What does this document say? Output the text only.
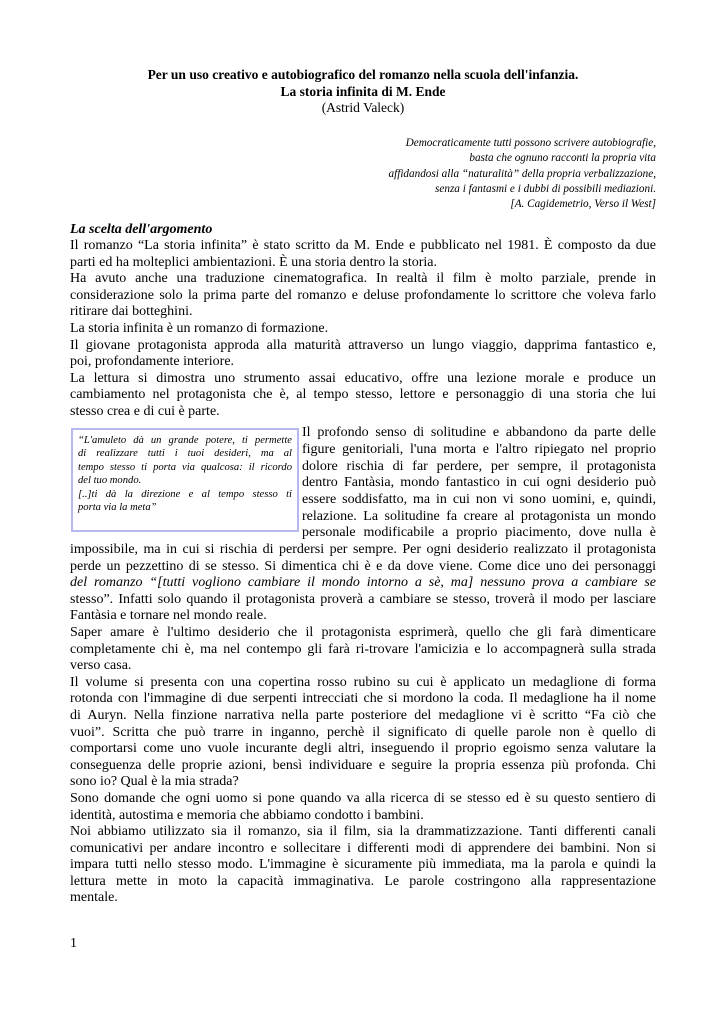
Per un uso creativo e autobiografico del romanzo nella scuola dell'infanzia.
La storia infinita di M. Ende
(Astrid Valeck)
Democraticamente tutti possono scrivere autobiografie,
basta che ognuno racconti la propria vita
affidandosi alla “naturalità” della propria verbalizzazione,
senza i fantasmi e i dubbi di possibili mediazioni.
[A. Cagidemetrio, Verso il West]
La scelta dell'argomento
Il romanzo “La storia infinita” è stato scritto da M. Ende e pubblicato nel 1981. È composto da due
parti ed ha molteplici ambientazioni. È una storia dentro la storia.
Ha avuto anche una traduzione cinematografica. In realtà il film è molto parziale, prende in
considerazione solo la prima parte del romanzo e deluse profondamente lo scrittore che voleva farlo
ritirare dai botteghini.
La storia infinita è un romanzo di formazione.
Il giovane protagonista approda alla maturità attraverso un lungo viaggio, dapprima fantastico e,
poi, profondamente interiore.
La lettura si dimostra uno strumento assai educativo, offre una lezione morale e produce un
cambiamento nel protagonista che è, al tempo stesso, lettore e personaggio di una storia che lui
stesso crea e di cui è parte.
“L'amuleto dà un grande potere, ti permette
di realizzare tutti i tuoi desideri, ma al
tempo stesso ti porta via qualcosa: il ricordo
del tuo mondo.
[..]ti dà la direzione e al tempo stesso ti
porta via la meta”
Il profondo senso di solitudine e abbandono da parte delle
figure genitoriali, l'una morta e l'altro ripiegato nel proprio
dolore rischia di far perdere, per sempre, il protagonista
dentro Fantàsia, mondo fantastico in cui ogni desiderio può
essere soddisfatto, ma in cui non vi sono uomini, e, quindi,
relazione. La solitudine fa creare al protagonista un mondo
personale modificabile a proprio piacimento, dove nulla è
impossibile, ma in cui si rischia di perdersi per sempre. Per ogni desiderio realizzato il protagonista
perde un pezzettino di se stesso. Si dimentica chi è e da dove viene. Come dice uno dei personaggi
del romanzo “[tutti vogliono cambiare il mondo intorno a sè, ma] nessuno prova a cambiare se
stesso”. Infatti solo quando il protagonista proverà a cambiare se stesso, troverà il modo per lasciare
Fantàsia e tornare nel mondo reale.
Saper amare è l'ultimo desiderio che il protagonista esprimerà, quello che gli farà dimenticare
completamente chi è, ma nel contempo gli farà ri-trovare l'amicizia e lo accompagnerà sulla strada
verso casa.
Il volume si presenta con una copertina rosso rubino su cui è applicato un medaglione di forma
rotonda con l'immagine di due serpenti intrecciati che si mordono la coda. Il medaglione ha il nome
di Auryn. Nella finzione narrativa nella parte posteriore del medaglione vi è scritto “Fa ciò che
vuoi”. Scritta che può trarre in inganno, perchè il significato di quelle parole non è quello di
comportarsi come uno vuole incurante degli altri, inseguendo il proprio egoismo senza valutare la
conseguenza delle proprie azioni, bensì individuare e seguire la propria essenza più profonda. Chi
sono io? Qual è la mia strada?
Sono domande che ogni uomo si pone quando va alla ricerca di se stesso ed è su questo sentiero di
identità, autostima e memoria che abbiamo condotto i bambini.
Noi abbiamo utilizzato sia il romanzo, sia il film, sia la drammatizzazione. Tanti differenti canali
comunicativi per andare incontro e sollecitare i differenti modi di apprendere dei bambini. Non si
impara tutti nello stesso modo. L'immagine è sicuramente più immediata, ma la parola e quindi la
lettura mette in moto la capacità immaginativa. Le parole costringono alla rappresentazione
mentale.
1
